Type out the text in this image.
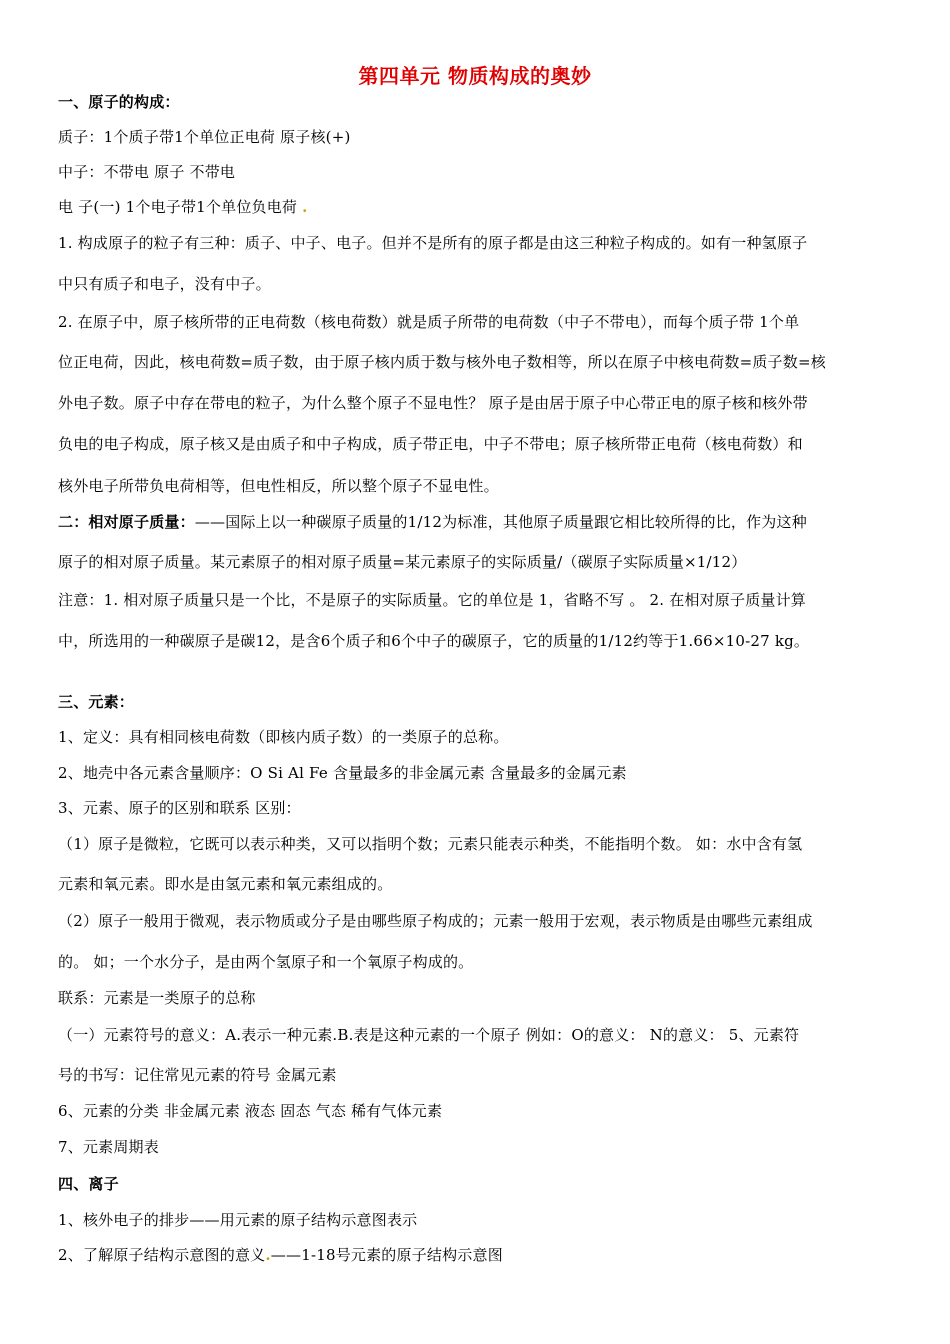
第四单元 物质构成的奥妙
一、原子的构成：
质子：1个质子带1个单位正电荷 原子核(+)
中子：不带电 原子 不带电
电 子(一) 1个电子带1个单位负电荷 .
1. 构成原子的粒子有三种：质子、中子、电子。但并不是所有的原子都是由这三种粒子构成的。如有一种氢原子
中只有质子和电子，没有中子。
2. 在原子中，原子核所带的正电荷数（核电荷数）就是质子所带的电荷数（中子不带电），而每个质子带 1个单
位正电荷，因此，核电荷数=质子数，由于原子核内质于数与核外电子数相等，所以在原子中核电荷数=质子数=核
外电子数。原子中存在带电的粒子，为什么整个原子不显电性？ 原子是由居于原子中心带正电的原子核和核外带
负电的电子构成，原子核又是由质子和中子构成，质子带正电，中子不带电；原子核所带正电荷（核电荷数）和
核外电子所带负电荷相等，但电性相反，所以整个原子不显电性。
二：相对原子质量：——国际上以一种碳原子质量的1/12为标准，其他原子质量跟它相比较所得的比，作为这种
原子的相对原子质量。某元素原子的相对原子质量=某元素原子的实际质量/（碳原子实际质量×1/12）
注意：1. 相对原子质量只是一个比，不是原子的实际质量。它的单位是 1，省略不写 。 2. 在相对原子质量计算
中，所选用的一种碳原子是碳12，是含6个质子和6个中子的碳原子，它的质量的1/12约等于1.66×10-27 kg。
三、元素：
1、定义：具有相同核电荷数（即核内质子数）的一类原子的总称。
2、地壳中各元素含量顺序：O Si Al Fe 含量最多的非金属元素 含量最多的金属元素
3、元素、原子的区别和联系 区别：
（1）原子是微粒，它既可以表示种类，又可以指明个数；元素只能表示种类，不能指明个数。 如：水中含有氢
元素和氧元素。即水是由氢元素和氧元素组成的。
（2）原子一般用于微观，表示物质或分子是由哪些原子构成的；元素一般用于宏观，表示物质是由哪些元素组成
的。 如；一个水分子，是由两个氢原子和一个氧原子构成的。
联系：元素是一类原子的总称
（一）元素符号的意义：A.表示一种元素.B.表是这种元素的一个原子 例如：O的意义： N的意义： 5、元素符
号的书写：记住常见元素的符号 金属元素
6、元素的分类 非金属元素 液态 固态 气态 稀有气体元素
7、元素周期表
四、离子
1、核外电子的排步——用元素的原子结构示意图表示
2、了解原子结构示意图的意义.——1-18号元素的原子结构示意图
